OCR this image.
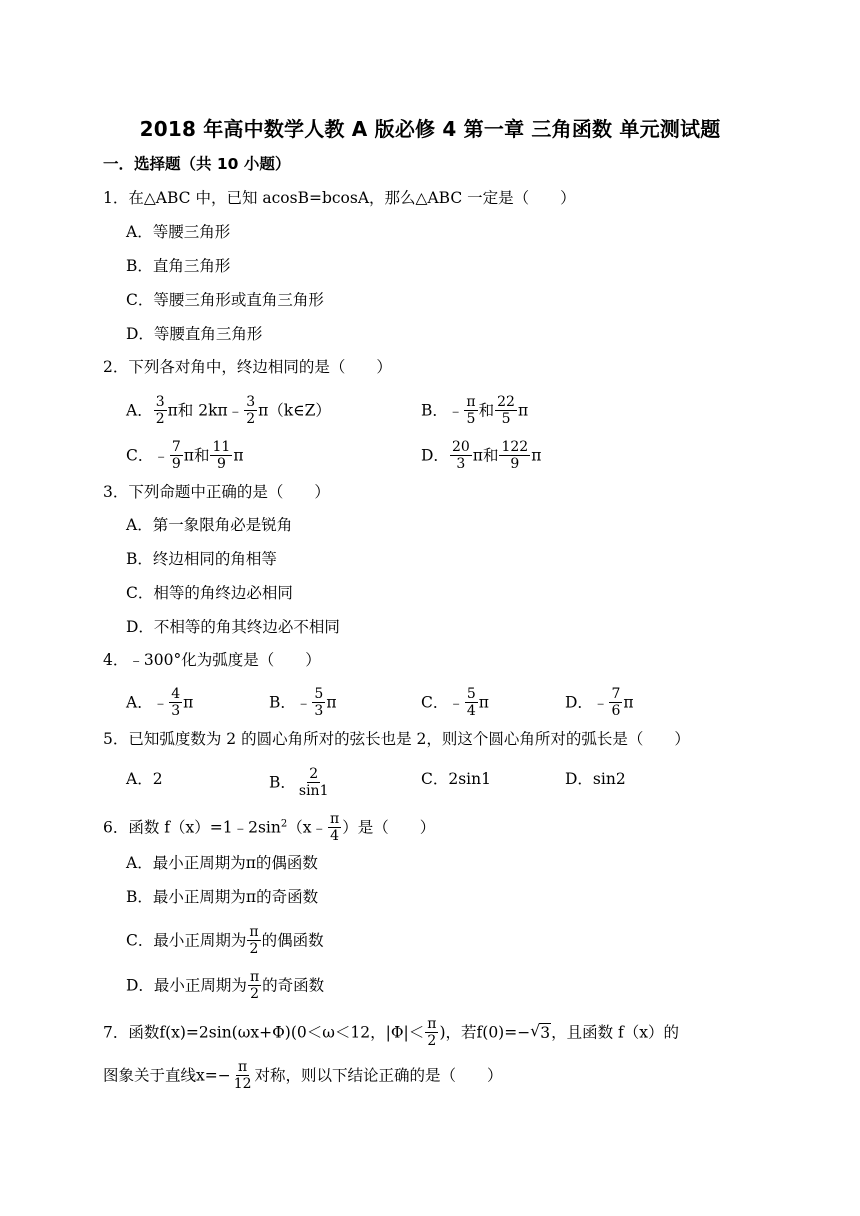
2018 年高中数学人教 A 版必修 4 第一章 三角函数 单元测试题
一．选择题（共 10 小题）
1．在△ABC 中，已知 acosB=bcosA，那么△ABC 一定是（　　）
A．等腰三角形
B．直角三角形
C．等腰三角形或直角三角形
D．等腰直角三角形
2．下列各对角中，终边相同的是（　　）
A． $\frac{3}{2}$ π和 2kπ﹣ $\frac{3}{2}$ π（k∈Z）	B．﹣ $\frac{\pi}{5}$ 和 $\frac{22}{5}$ π
C．﹣ $\frac{7}{9}$ π和 $\frac{11}{9}$ π	D． $\frac{20}{3}$ π和 $\frac{122}{9}$ π
3．下列命题中正确的是（　　）
A．第一象限角必是锐角
B．终边相同的角相等
C．相等的角终边必相同
D．不相等的角其终边必不相同
4．﹣300°化为弧度是（　　）
A．﹣ $\frac{4}{3}$ π	B．﹣ $\frac{5}{3}$ π	C．﹣ $\frac{5}{4}$ π	D．﹣ $\frac{7}{6}$ π
5．已知弧度数为 2 的圆心角所对的弦长也是 2，则这个圆心角所对的弧长是（　　）
A．2	B． $\frac{2}{\sin 1}$	C．2sin1	D．sin2
6．函数 $f(x)=1﹣2\sin^2(x﹣ \frac{\pi}{4}$ ）是（　　）
A．最小正周期为π的偶函数
B．最小正周期为π的奇函数
C．最小正周期为 $\frac{\pi}{2}$ 的偶函数
D．最小正周期为 $\frac{\pi}{2}$ 的奇函数
7．函数f(x)=2sin(ωx+Φ)(0＜ω＜12，$|\Phi|< \frac{\pi}{2}$ )，若f(0)=−√ 3，且函数 f（x）的
图象关于直线$x=- \frac{\pi}{12}$ 对称，则以下结论正确的是（　　）
